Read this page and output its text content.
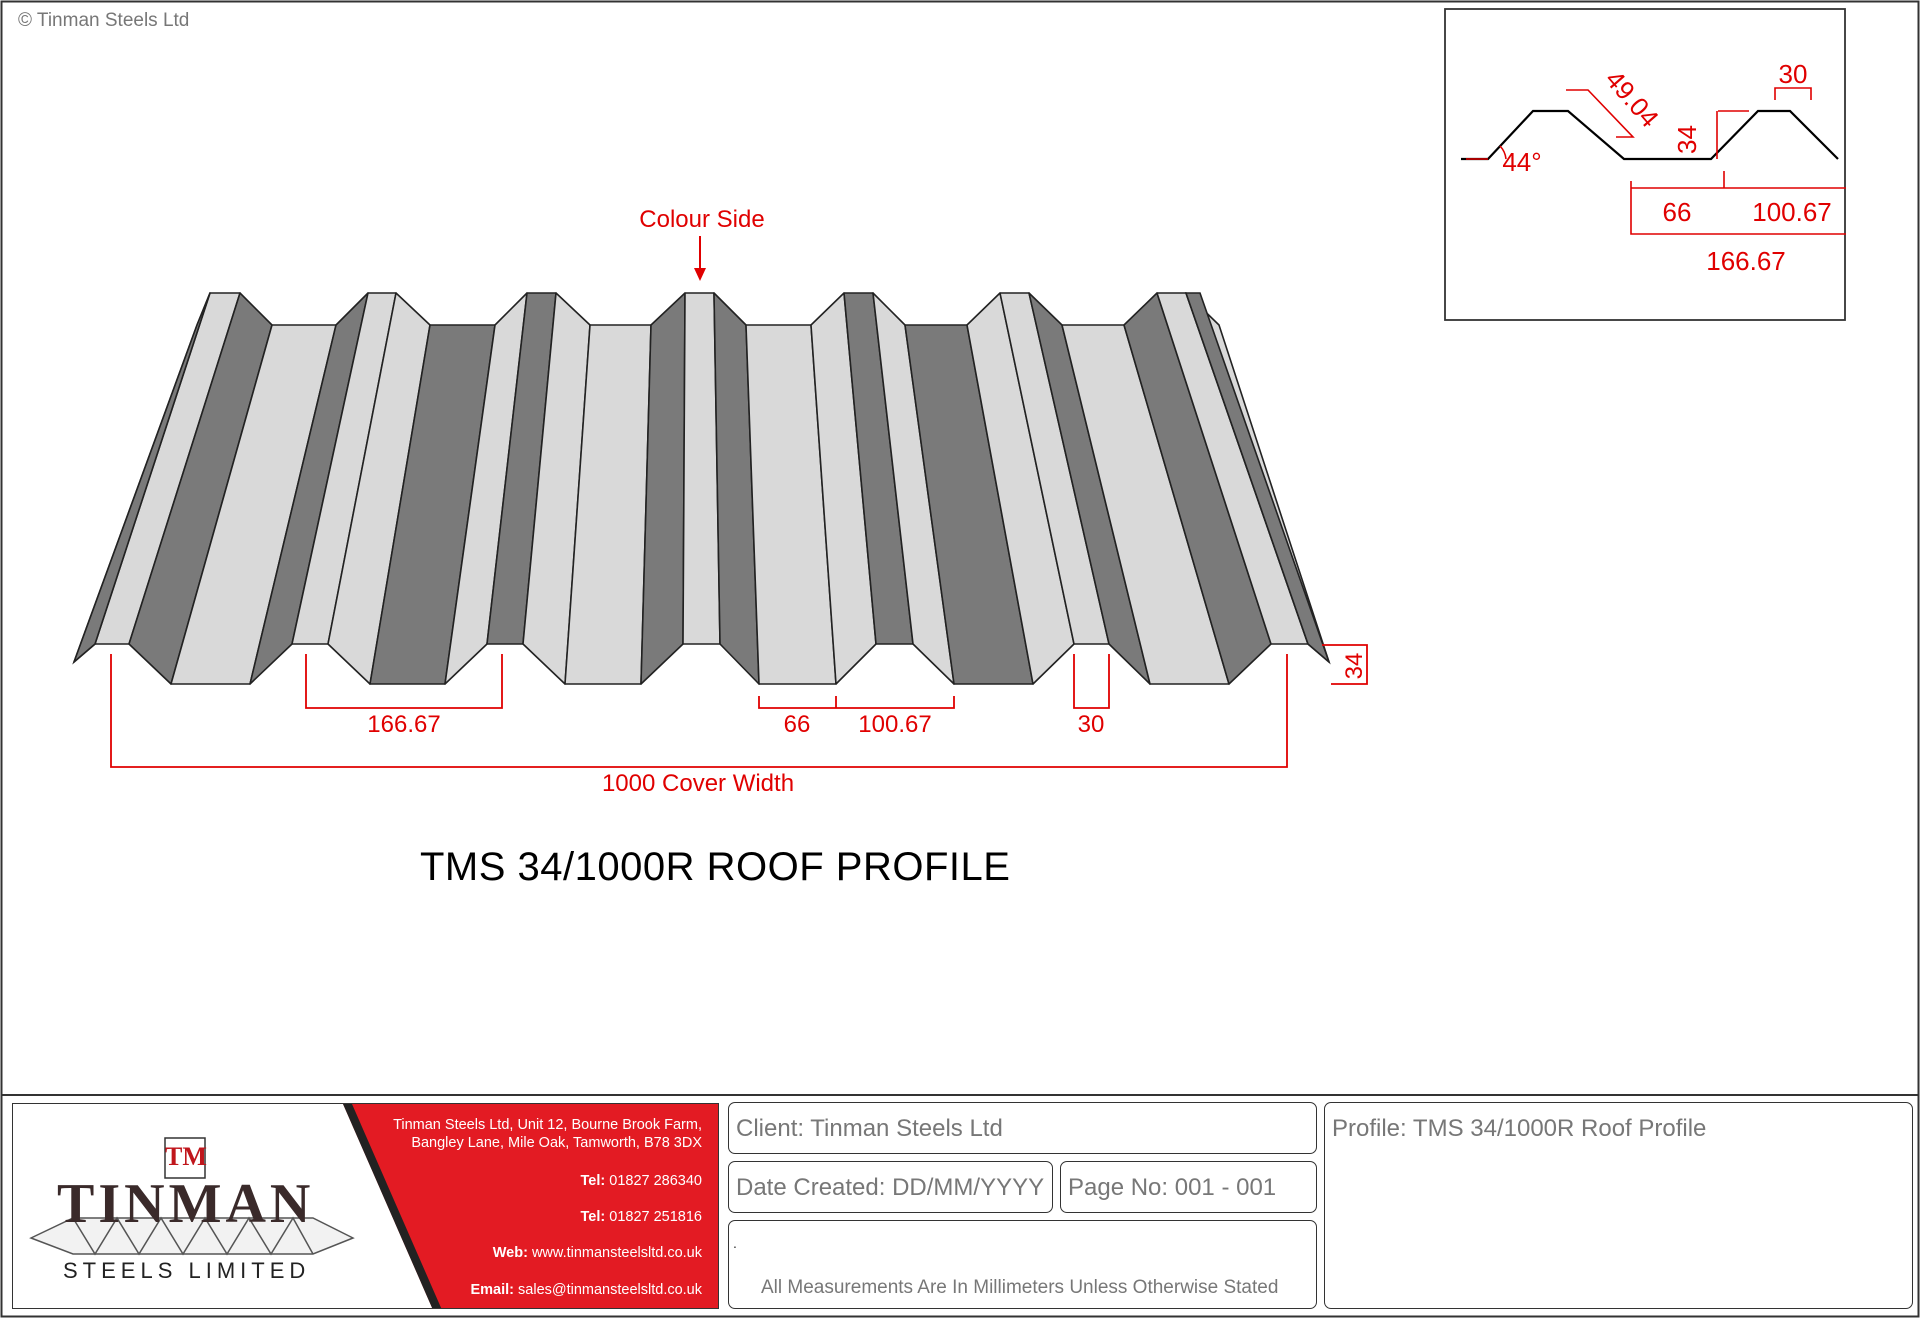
© Tinman Steels Ltd
Colour Side
166.67	66 100.67	30
1000 Cover Width
34
TMS 34/1000R ROOF PROFILE
30
49.04
34
44°
66 100.67
166.67
TM
TINMAN
STEELS LIMITED
Tinman Steels Ltd, Unit 12, Bourne Brook Farm,
Bangley Lane, Mile Oak, Tamworth, B78 3DX
Tel: 01827 286340
Tel: 01827 251816
Web: www.tinmansteelsltd.co.uk
Email: sales@tinmansteelsltd.co.uk
Client: Tinman Steels Ltd
Date Created: DD/MM/YYYY Page No: 001 - 001
.
All Measurements Are In Millimeters Unless Otherwise Stated
Profile: TMS 34/1000R Roof Profile
